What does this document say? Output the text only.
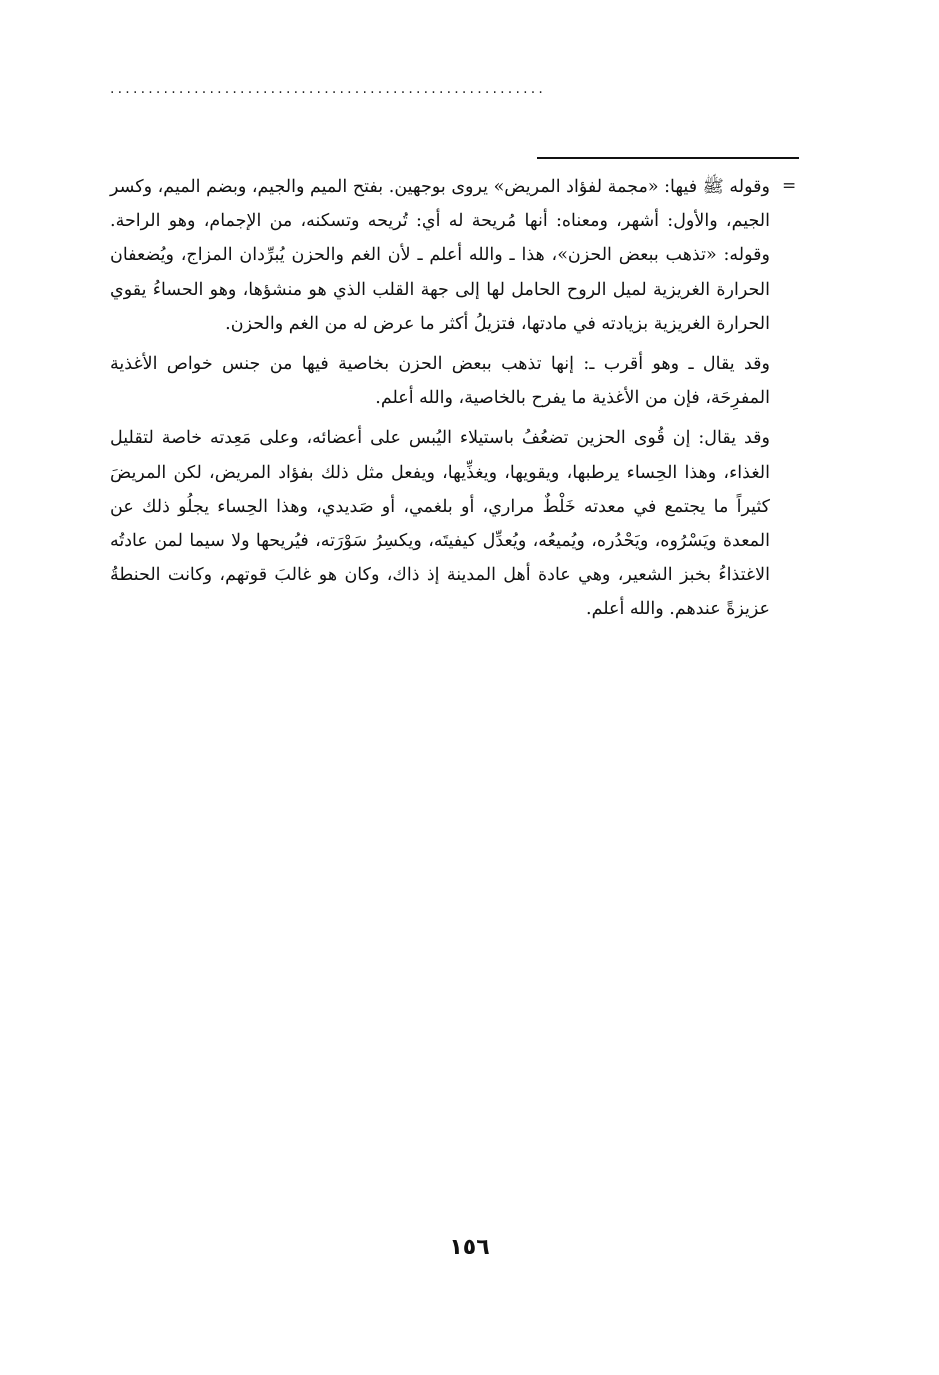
.........................................................
=

وقوله ﷺ فيها: «مجمة لفؤاد المريض» يروى بوجهين. بفتح الميم والجيم، وبضم الميم، وكسر الجيم، والأول: أشهر، ومعناه: أنها مُريحة له أي: تُريحه وتسكنه، من الإجمام، وهو الراحة. وقوله: «تذهب ببعض الحزن»، هذا ـ والله أعلم ـ لأن الغم والحزن يُبرِّدان المزاج، ويُضعفان الحرارة الغريزية لميل الروح الحامل لها إلى جهة القلب الذي هو منشؤها، وهو الحساءُ يقوي الحرارة الغريزية بزيادته في مادتها، فتزيلُ أكثر ما عرض له من الغم والحزن.

وقد يقال ـ وهو أقرب ـ: إنها تذهب ببعض الحزن بخاصية فيها من جنس خواص الأغذية المفرِحَة، فإن من الأغذية ما يفرح بالخاصية، والله أعلم.

وقد يقال: إن قُوى الحزين تضعُفُ باستيلاء اليُبس على أعضائه، وعلى مَعِدته خاصة لتقليل الغذاء، وهذا الحِساء يرطبها، ويقويها، ويغذِّيها، ويفعل مثل ذلك بفؤاد المريض، لكن المريضَ كثيراً ما يجتمع في معدته خَلْطٌ مراري، أو بلغمي، أو صَديدي، وهذا الحِساء يجلُو ذلك عن المعدة ويَسْرُوه، ويَحْدُره، ويُميعُه، ويُعدِّل كيفيتَه، ويكسِرُ سَوْرَته، فيُريحها ولا سيما لمن عادتُه الاغتذاءُ بخبز الشعير، وهي عادة أهل المدينة إذ ذاك، وكان هو غالبَ قوتهم، وكانت الحنطةُ عزيزةً عندهم. والله أعلم.

١٥٦
